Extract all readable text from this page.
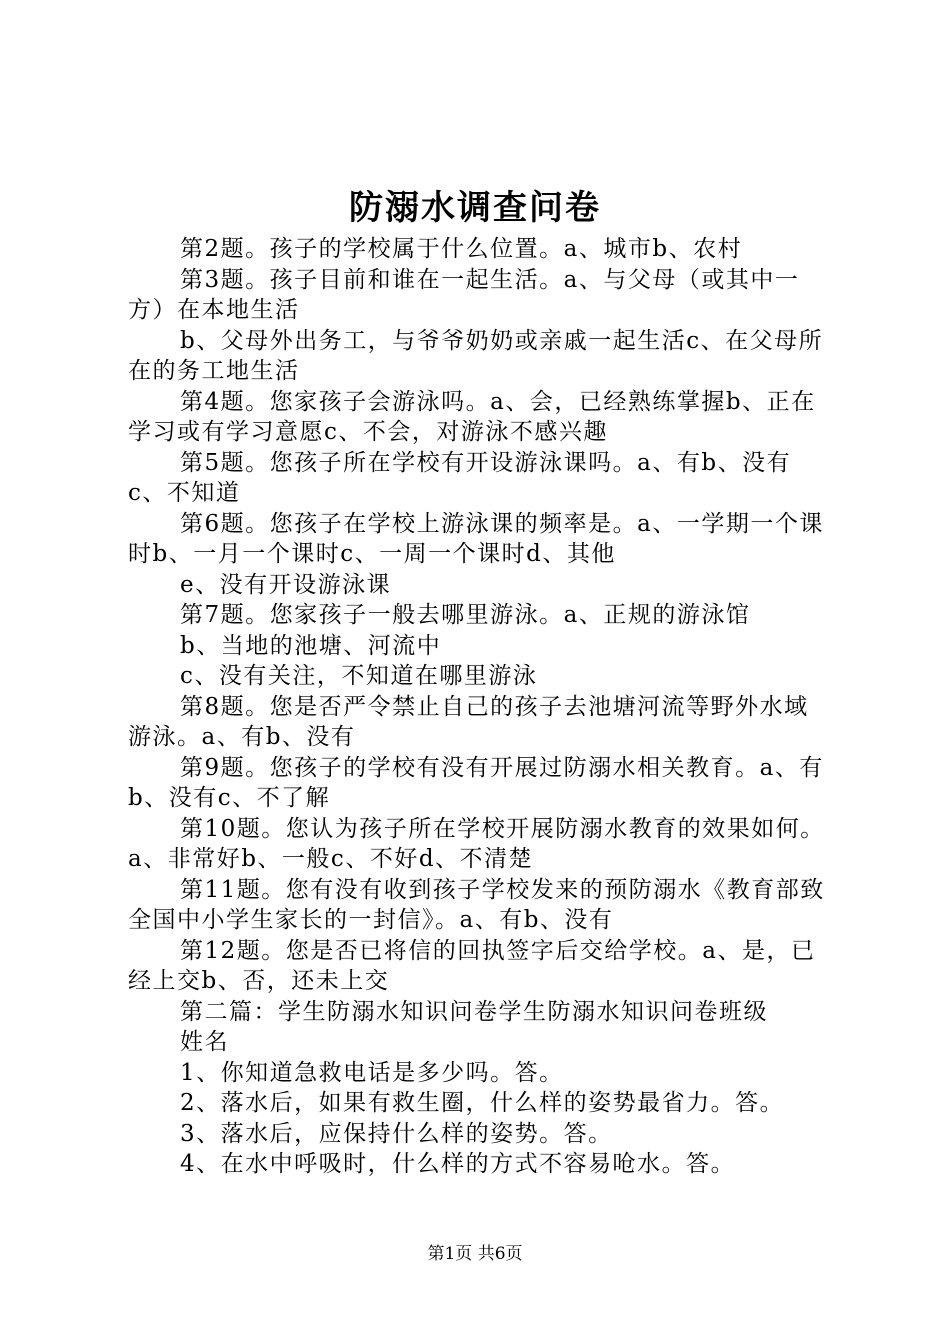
防溺水调查问卷

第2题。孩子的学校属于什么位置。a、城市b、农村

第3题。孩子目前和谁在一起生活。a、与父母（或其中一方）在本地生活

b、父母外出务工，与爷爷奶奶或亲戚一起生活c、在父母所在的务工地生活

第4题。您家孩子会游泳吗。a、会，已经熟练掌握b、正在学习或有学习意愿c、不会，对游泳不感兴趣

第5题。您孩子所在学校有开设游泳课吗。a、有b、没有c、不知道

第6题。您孩子在学校上游泳课的频率是。a、一学期一个课时b、一月一个课时c、一周一个课时d、其他

e、没有开设游泳课

第7题。您家孩子一般去哪里游泳。a、正规的游泳馆

b、当地的池塘、河流中

c、没有关注，不知道在哪里游泳

第8题。您是否严令禁止自己的孩子去池塘河流等野外水域游泳。a、有b、没有

第9题。您孩子的学校有没有开展过防溺水相关教育。a、有b、没有c、不了解

第10题。您认为孩子所在学校开展防溺水教育的效果如何。a、非常好b、一般c、不好d、不清楚

第11题。您有没有收到孩子学校发来的预防溺水《教育部致全国中小学生家长的一封信》。a、有b、没有

第12题。您是否已将信的回执签字后交给学校。a、是，已经上交b、否，还未上交

第二篇：学生防溺水知识问卷学生防溺水知识问卷班级

姓名

1、你知道急救电话是多少吗。答。

2、落水后，如果有救生圈，什么样的姿势最省力。答。

3、落水后，应保持什么样的姿势。答。

4、在水中呼吸时，什么样的方式不容易呛水。答。

第1页 共6页
